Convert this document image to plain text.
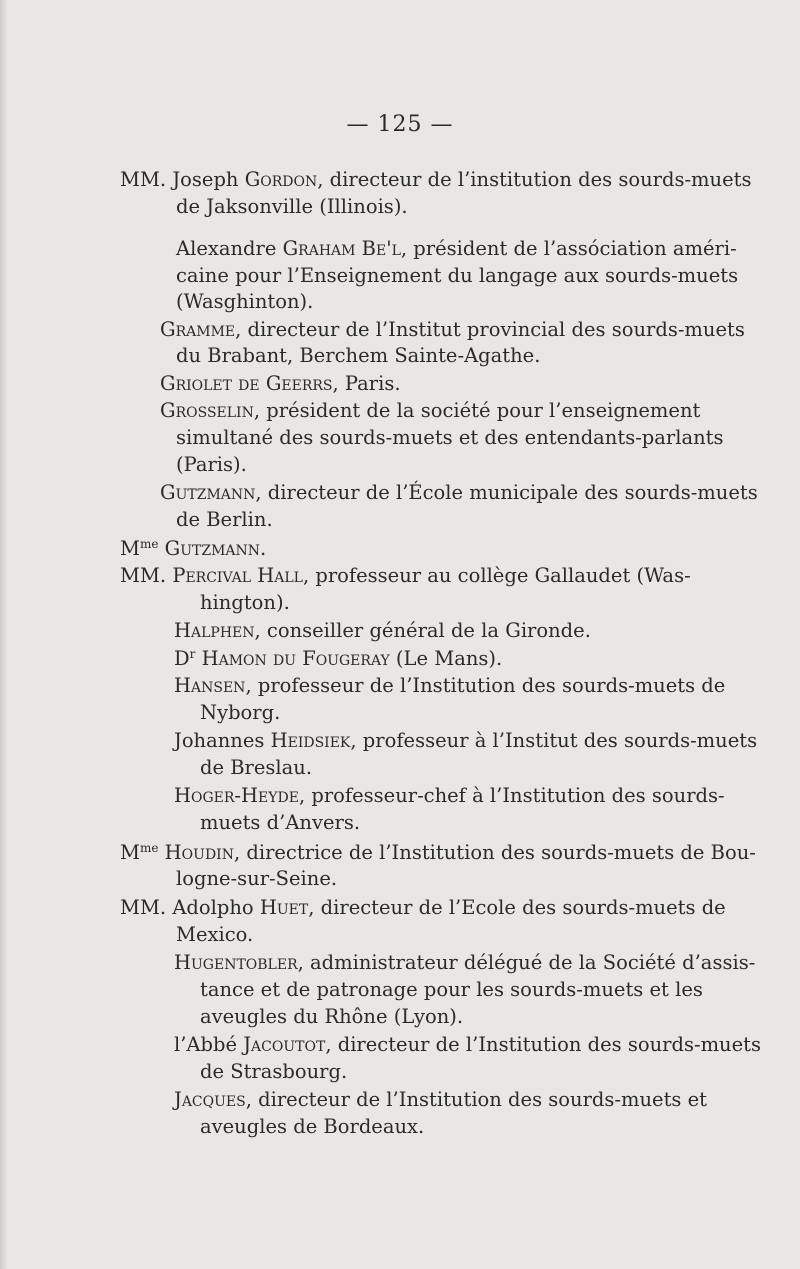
— 125 —
MM. Joseph Gordon, directeur de l’institution des sourds-muets
de Jaksonville (Illinois).
Alexandre Graham Be'l, président de l’assóciation améri-
caine pour l’Enseignement du langage aux sourds-muets
(Wasghinton).
Gramme, directeur de l’Institut provincial des sourds-muets
du Brabant, Berchem Sainte-Agathe.
Griolet de Geerrs, Paris.
Grosselin, président de la société pour l’enseignement
simultané des sourds-muets et des entendants-parlants
(Paris).
Gutzmann, directeur de l’École municipale des sourds-muets
de Berlin.
$M^{me}$ Gutzmann.
MM. Percival Hall, professeur au collège Gallaudet (Was-
hington).
Halphen, conseiller général de la Gironde.
$D^r$ Hamon du Fougeray (Le Mans).
Hansen, professeur de l’Institution des sourds-muets de
Nyborg.
Johannes Heidsiek, professeur à l’Institut des sourds-muets
de Breslau.
Hoger-Heyde, professeur-chef à l’Institution des sourds-
muets d’Anvers.
$M^{me}$ Houdin, directrice de l’Institution des sourds-muets de Bou-
logne-sur-Seine.
MM. Adolpho Huet, directeur de l’Ecole des sourds-muets de
Mexico.
Hugentobler, administrateur délégué de la Société d’assis-
tance et de patronage pour les sourds-muets et les
aveugles du Rhône (Lyon).
l’Abbé Jacoutot, directeur de l’Institution des sourds-muets
de Strasbourg.
Jacques, directeur de l’Institution des sourds-muets et
aveugles de Bordeaux.
